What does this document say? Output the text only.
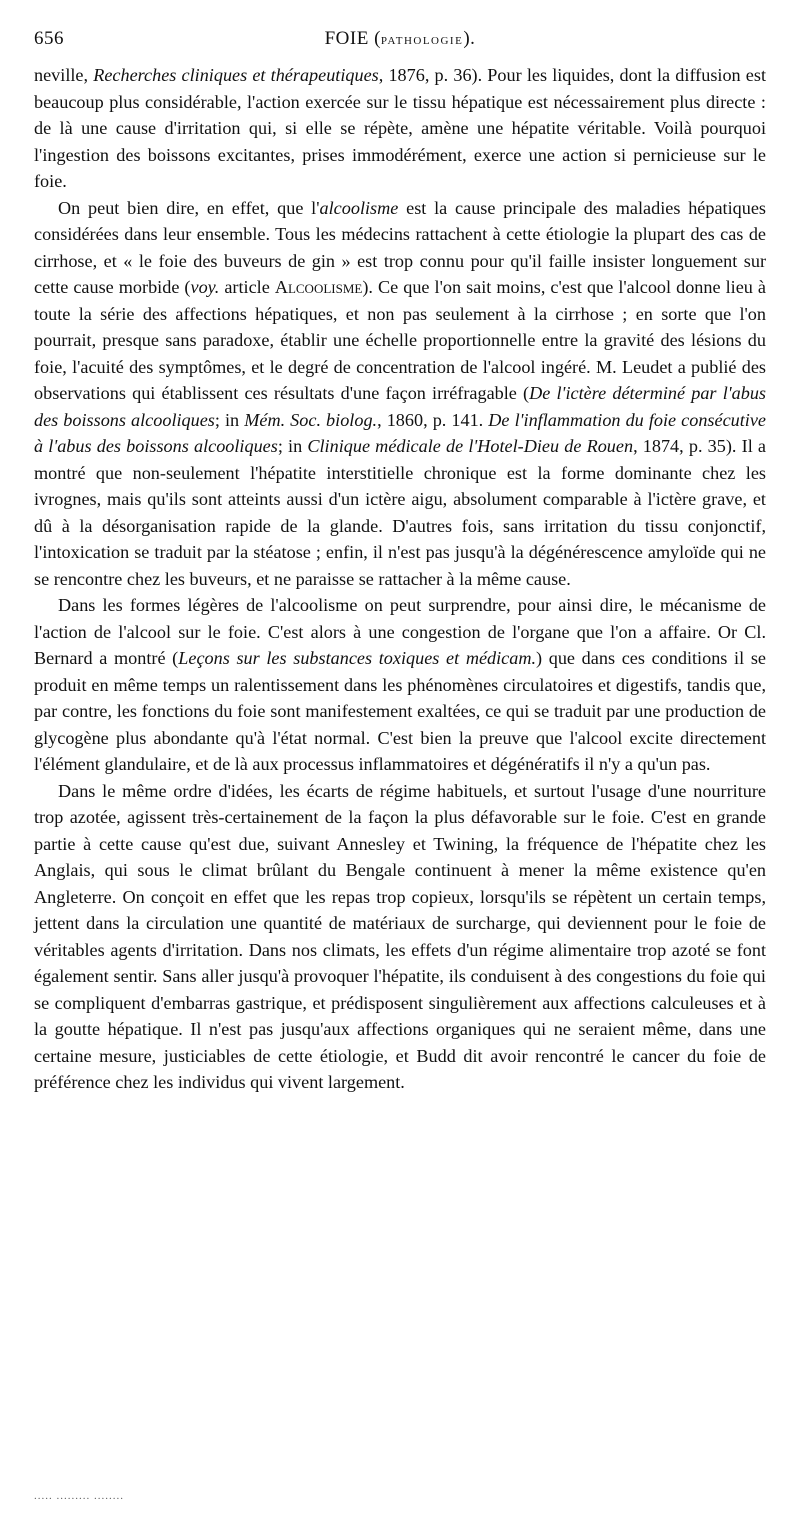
656	FOIE (pathologie).

neville, Recherches cliniques et thérapeutiques, 1876, p. 36). Pour les liquides, dont la diffusion est beaucoup plus considérable, l'action exercée sur le tissu hépatique est nécessairement plus directe : de là une cause d'irritation qui, si elle se répète, amène une hépatite véritable. Voilà pourquoi l'ingestion des boissons excitantes, prises immodérément, exerce une action si pernicieuse sur le foie.

On peut bien dire, en effet, que l'alcoolisme est la cause principale des maladies hépatiques considérées dans leur ensemble. Tous les médecins rattachent à cette étiologie la plupart des cas de cirrhose, et « le foie des buveurs de gin » est trop connu pour qu'il faille insister longuement sur cette cause morbide (voy. article Alcoolisme). Ce que l'on sait moins, c'est que l'alcool donne lieu à toute la série des affections hépatiques, et non pas seulement à la cirrhose ; en sorte que l'on pourrait, presque sans paradoxe, établir une échelle proportionnelle entre la gravité des lésions du foie, l'acuité des symptômes, et le degré de concentration de l'alcool ingéré. M. Leudet a publié des observations qui établissent ces résultats d'une façon irréfragable (De l'ictère déterminé par l'abus des boissons alcooliques; in Mém. Soc. biolog., 1860, p. 141. De l'inflammation du foie consécutive à l'abus des boissons alcooliques; in Clinique médicale de l'Hotel-Dieu de Rouen, 1874, p. 35). Il a montré que non-seulement l'hépatite interstitielle chronique est la forme dominante chez les ivrognes, mais qu'ils sont atteints aussi d'un ictère aigu, absolument comparable à l'ictère grave, et dû à la désorganisation rapide de la glande. D'autres fois, sans irritation du tissu conjonctif, l'intoxication se traduit par la stéatose ; enfin, il n'est pas jusqu'à la dégénérescence amyloïde qui ne se rencontre chez les buveurs, et ne paraisse se rattacher à la même cause.

Dans les formes légères de l'alcoolisme on peut surprendre, pour ainsi dire, le mécanisme de l'action de l'alcool sur le foie. C'est alors à une congestion de l'organe que l'on a affaire. Or Cl. Bernard a montré (Leçons sur les substances toxiques et médicam.) que dans ces conditions il se produit en même temps un ralentissement dans les phénomènes circulatoires et digestifs, tandis que, par contre, les fonctions du foie sont manifestement exaltées, ce qui se traduit par une production de glycogène plus abondante qu'à l'état normal. C'est bien la preuve que l'alcool excite directement l'élément glandulaire, et de là aux processus inflammatoires et dégénératifs il n'y a qu'un pas.

Dans le même ordre d'idées, les écarts de régime habituels, et surtout l'usage d'une nourriture trop azotée, agissent très-certainement de la façon la plus défavorable sur le foie. C'est en grande partie à cette cause qu'est due, suivant Annesley et Twining, la fréquence de l'hépatite chez les Anglais, qui sous le climat brûlant du Bengale continuent à mener la même existence qu'en Angleterre. On conçoit en effet que les repas trop copieux, lorsqu'ils se répètent un certain temps, jettent dans la circulation une quantité de matériaux de surcharge, qui deviennent pour le foie de véritables agents d'irritation. Dans nos climats, les effets d'un régime alimentaire trop azoté se font également sentir. Sans aller jusqu'à provoquer l'hépatite, ils conduisent à des congestions du foie qui se compliquent d'embarras gastrique, et prédisposent singulièrement aux affections calculeuses et à la goutte hépatique. Il n'est pas jusqu'aux affections organiques qui ne seraient même, dans une certaine mesure, justiciables de cette étiologie, et Budd dit avoir rencontré le cancer du foie de préférence chez les individus qui vivent largement.

..... ......... ........
